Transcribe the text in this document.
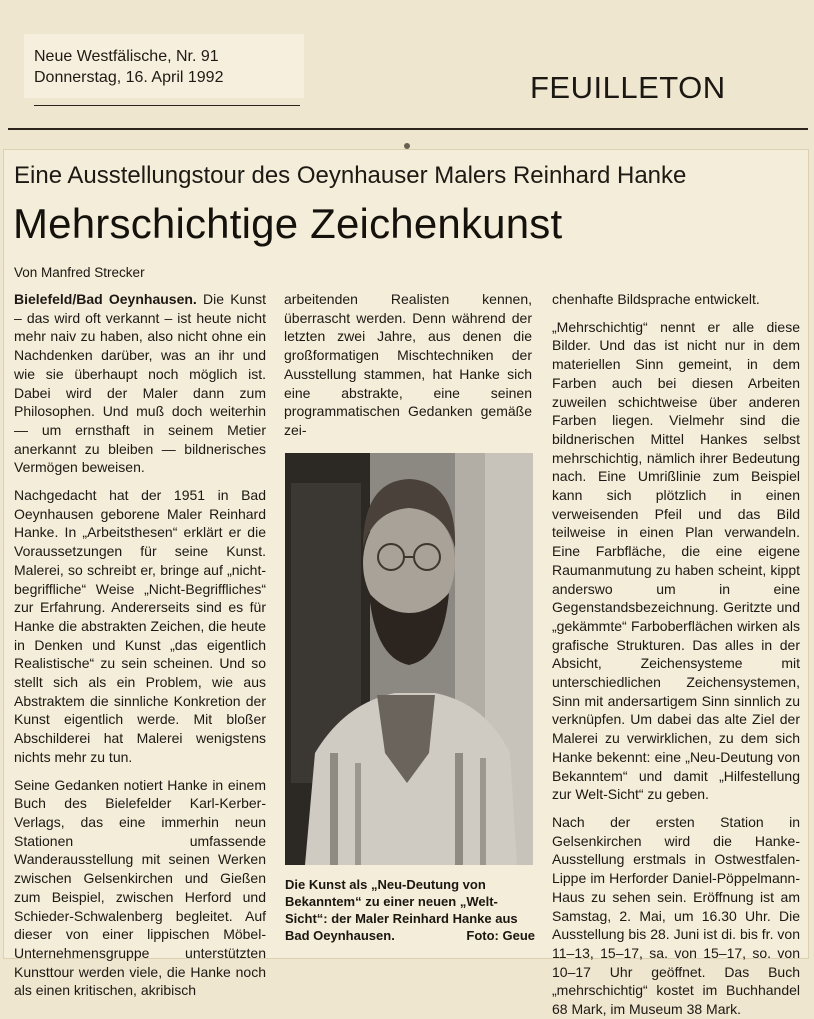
Neue Westfälische, Nr. 91
Donnerstag, 16. April 1992	FEUILLETON
Eine Ausstellungstour des Oeynhauser Malers Reinhard Hanke
Mehrschichtige Zeichenkunst
Von Manfred Strecker

Bielefeld/Bad Oeynhausen. Die Kunst – das wird oft verkannt – ist heute nicht mehr naiv zu haben, also nicht ohne ein Nachdenken darüber, was an ihr und wie sie überhaupt noch möglich ist. Dabei wird der Maler dann zum Philosophen. Und muß doch weiterhin — um ernsthaft in seinem Metier anerkannt zu bleiben — bildnerisches Vermögen beweisen.

Nachgedacht hat der 1951 in Bad Oeynhausen geborene Maler Reinhard Hanke. In „Arbeitsthesen“ erklärt er die Voraussetzungen für seine Kunst. Malerei, so schreibt er, bringe auf „nicht-begriffliche“ Weise „Nicht-Begriffliches“ zur Erfahrung. Andererseits sind es für Hanke die abstrakten Zeichen, die heute in Denken und Kunst „das eigentlich Realistische“ zu sein scheinen. Und so stellt sich als ein Problem, wie aus Abstraktem die sinnliche Konkretion der Kunst eigentlich werde. Mit bloßer Abschilderei hat Malerei wenigstens nichts mehr zu tun.

Seine Gedanken notiert Hanke in einem Buch des Bielefelder Karl-Kerber-Verlags, das eine immerhin neun Stationen umfassende Wanderausstellung mit seinen Werken zwischen Gelsenkirchen und Gießen zum Beispiel, zwischen Herford und Schieder-Schwalenberg begleitet. Auf dieser von einer lippischen Möbel-Unternehmensgruppe unterstützten Kunsttour werden viele, die Hanke noch als einen kritischen, akribisch

arbeitenden Realisten kennen, überrascht werden. Denn während der letzten zwei Jahre, aus denen die großformatigen Mischtechniken der Ausstellung stammen, hat Hanke sich eine abstrakte, eine seinen programmatischen Gedanken gemäße zei-

Die Kunst als „Neu-Deutung von Bekanntem“ zu einer neuen „Welt-Sicht“: der Maler Reinhard Hanke aus Bad Oeynhausen.	Foto: Geue

chenhafte Bildsprache entwickelt.

„Mehrschichtig“ nennt er alle diese Bilder. Und das ist nicht nur in dem materiellen Sinn gemeint, in dem Farben auch bei diesen Arbeiten zuweilen schichtweise über anderen Farben liegen. Vielmehr sind die bildnerischen Mittel Hankes selbst mehrschichtig, nämlich ihrer Bedeutung nach. Eine Umrißlinie zum Beispiel kann sich plötzlich in einen verweisenden Pfeil und das Bild teilweise in einen Plan verwandeln. Eine Farbfläche, die eine eigene Raumanmutung zu haben scheint, kippt anderswo um in eine Gegenstandsbezeichnung. Geritzte und „gekämmte“ Farboberflächen wirken als grafische Strukturen. Das alles in der Absicht, Zeichensysteme mit unterschiedlichen Zeichensystemen, Sinn mit andersartigem Sinn sinnlich zu verknüpfen. Um dabei das alte Ziel der Malerei zu verwirklichen, zu dem sich Hanke bekennt: eine „Neu-Deutung von Bekanntem“ und damit „Hilfestellung zur Welt-Sicht“ zu geben.

Nach der ersten Station in Gelsenkirchen wird die Hanke-Ausstellung erstmals in Ostwestfalen-Lippe im Herforder Daniel-Pöppelmann-Haus zu sehen sein. Eröffnung ist am Samstag, 2. Mai, um 16.30 Uhr. Die Ausstellung bis 28. Juni ist di. bis fr. von 11–13, 15–17, sa. von 15–17, so. von 10–17 Uhr geöffnet. Das Buch „mehrschichtig“ kostet im Buchhandel 68 Mark, im Museum 38 Mark.
